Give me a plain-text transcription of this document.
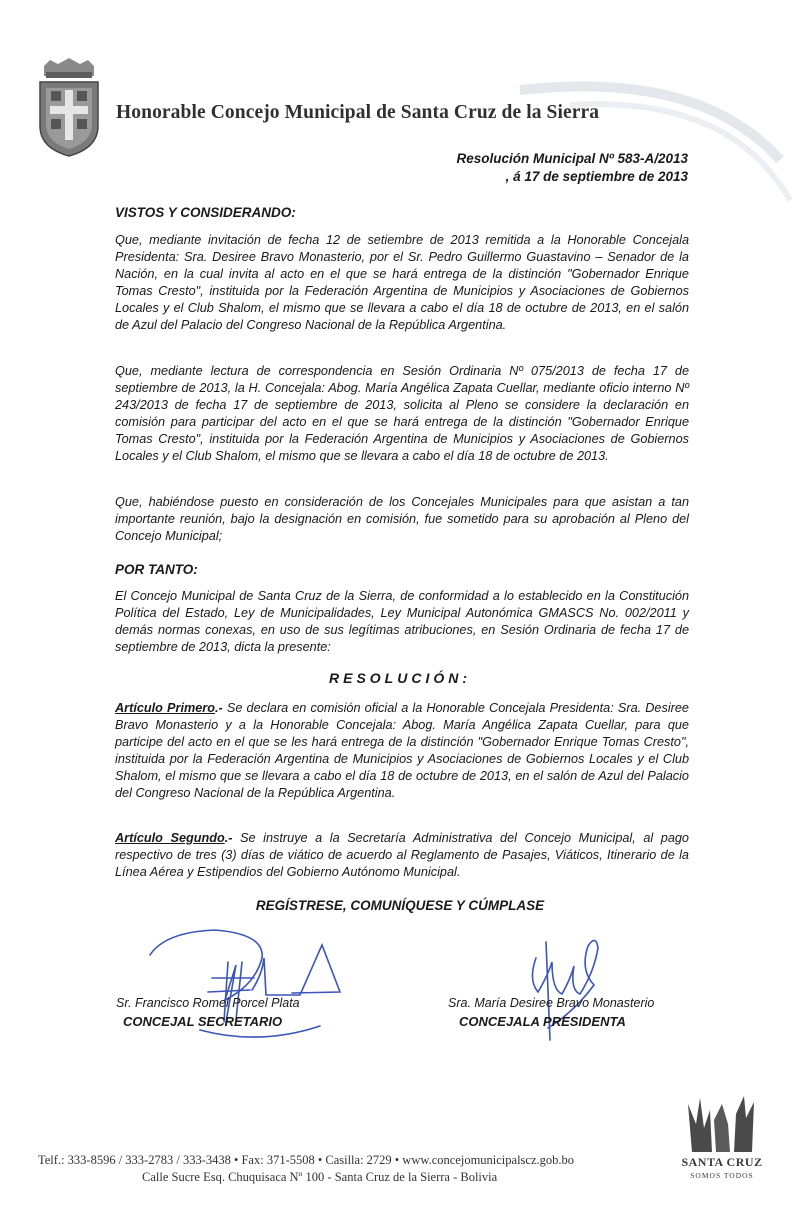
Honorable Concejo Municipal de Santa Cruz de la Sierra
Resolución Municipal Nº 583-A/2013
, á 17 de septiembre de 2013
VISTOS Y CONSIDERANDO:
Que, mediante invitación de fecha 12 de setiembre de 2013 remitida a la Honorable Concejala Presidenta: Sra. Desiree Bravo Monasterio, por el Sr. Pedro Guillermo Guastavino – Senador de la Nación, en la cual invita al acto en el que se hará entrega de la distinción "Gobernador Enrique Tomas Cresto", instituida por la Federación Argentina de Municipios y Asociaciones de Gobiernos Locales y el Club Shalom, el mismo que se llevara a cabo el día 18 de octubre de 2013, en el salón de Azul del Palacio del Congreso Nacional de la República Argentina.
Que, mediante lectura de correspondencia en Sesión Ordinaria Nº 075/2013 de fecha 17 de septiembre de 2013, la H. Concejala: Abog. María Angélica Zapata Cuellar, mediante oficio interno Nº 243/2013 de fecha 17 de septiembre de 2013, solicita al Pleno se considere la declaración en comisión para participar del acto en el que se hará entrega de la distinción "Gobernador Enrique Tomas Cresto", instituida por la Federación Argentina de Municipios y Asociaciones de Gobiernos Locales y el Club Shalom, el mismo que se llevara a cabo el día 18 de octubre de 2013.
Que, habiéndose puesto en consideración de los Concejales Municipales para que asistan a tan importante reunión, bajo la designación en comisión, fue sometido para su aprobación al Pleno del Concejo Municipal;
POR TANTO:
El Concejo Municipal de Santa Cruz de la Sierra, de conformidad a lo establecido en la Constitución Política del Estado, Ley de Municipalidades, Ley Municipal Autonómica GMASCS No. 002/2011 y demás normas conexas, en uso de sus legítimas atribuciones, en Sesión Ordinaria de fecha 17 de septiembre de 2013, dicta la presente:
RESOLUCIÓN:
Artículo Primero.- Se declara en comisión oficial a la Honorable Concejala Presidenta: Sra. Desiree Bravo Monasterio y a la Honorable Concejala: Abog. María Angélica Zapata Cuellar, para que participe del acto en el que se les hará entrega de la distinción "Gobernador Enrique Tomas Cresto", instituida por la Federación Argentina de Municipios y Asociaciones de Gobiernos Locales y el Club Shalom, el mismo que se llevara a cabo el día 18 de octubre de 2013, en el salón de Azul del Palacio del Congreso Nacional de la República Argentina.
Artículo Segundo.- Se instruye a la Secretaría Administrativa del Concejo Municipal, al pago respectivo de tres (3) días de viático de acuerdo al Reglamento de Pasajes, Viáticos, Itinerario de la Línea Aérea y Estipendios del Gobierno Autónomo Municipal.
REGÍSTRESE, COMUNÍQUESE Y CÚMPLASE
Sr. Francisco Romel Porcel Plata
CONCEJAL SECRETARIO
Sra. María Desiree Bravo Monasterio
CONCEJALA PRESIDENTA
Telf.: 333-8596 / 333-2783 / 333-3438 • Fax: 371-5508 • Casilla: 2729 • www.concejomunicipalscz.gob.bo
Calle Sucre Esq. Chuquisaca Nº 100 - Santa Cruz de la Sierra - Bolivia
SANTA CRUZ
SOMOS TODOS
